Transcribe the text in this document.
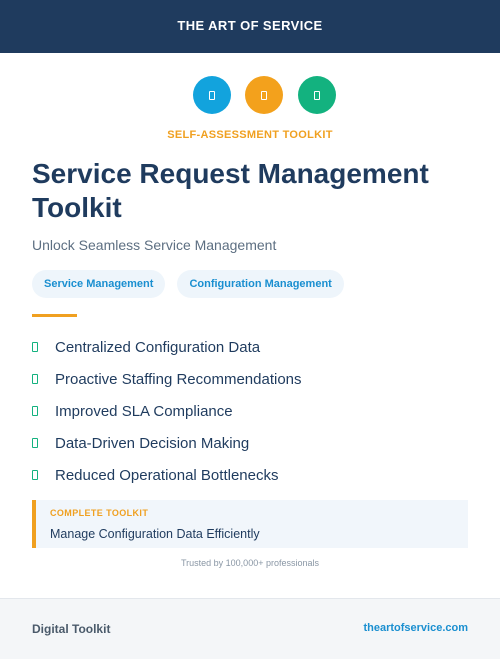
THE ART OF SERVICE
SELF-ASSESSMENT TOOLKIT
Service Request Management Toolkit
Unlock Seamless Service Management
Service Management	Configuration Management
Centralized Configuration Data
Proactive Staffing Recommendations
Improved SLA Compliance
Data-Driven Decision Making
Reduced Operational Bottlenecks
COMPLETE TOOLKIT
Manage Configuration Data Efficiently
Trusted by 100,000+ professionals
Digital Toolkit	theartofservice.com
